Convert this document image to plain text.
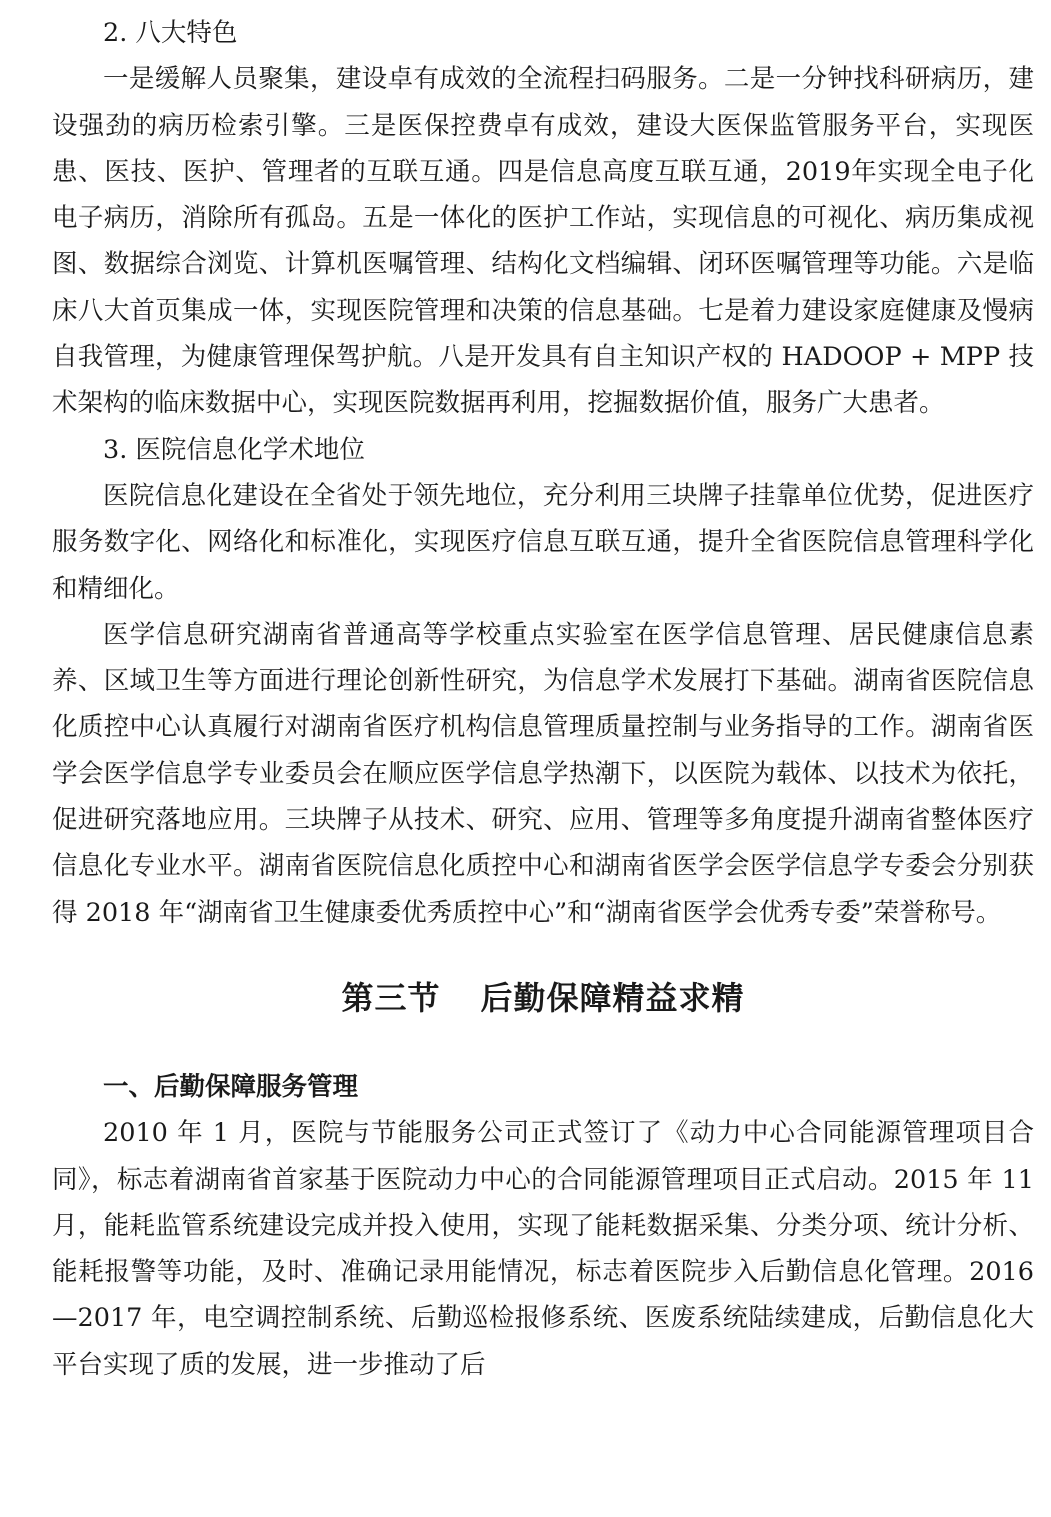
2. 八大特色

一是缓解人员聚集，建设卓有成效的全流程扫码服务。二是一分钟找科研病历，建设强劲的病历检索引擎。三是医保控费卓有成效，建设大医保监管服务平台，实现医患、医技、医护、管理者的互联互通。四是信息高度互联互通，2019年实现全电子化电子病历，消除所有孤岛。五是一体化的医护工作站，实现信息的可视化、病历集成视图、数据综合浏览、计算机医嘱管理、结构化文档编辑、闭环医嘱管理等功能。六是临床八大首页集成一体，实现医院管理和决策的信息基础。七是着力建设家庭健康及慢病自我管理，为健康管理保驾护航。八是开发具有自主知识产权的 HADOOP + MPP 技术架构的临床数据中心，实现医院数据再利用，挖掘数据价值，服务广大患者。

3. 医院信息化学术地位

医院信息化建设在全省处于领先地位，充分利用三块牌子挂靠单位优势，促进医疗服务数字化、网络化和标准化，实现医疗信息互联互通，提升全省医院信息管理科学化和精细化。

医学信息研究湖南省普通高等学校重点实验室在医学信息管理、居民健康信息素养、区域卫生等方面进行理论创新性研究，为信息学术发展打下基础。湖南省医院信息化质控中心认真履行对湖南省医疗机构信息管理质量控制与业务指导的工作。湖南省医学会医学信息学专业委员会在顺应医学信息学热潮下，以医院为载体、以技术为依托，促进研究落地应用。三块牌子从技术、研究、应用、管理等多角度提升湖南省整体医疗信息化专业水平。湖南省医院信息化质控中心和湖南省医学会医学信息学专委会分别获得 2018 年“湖南省卫生健康委优秀质控中心”和“湖南省医学会优秀专委”荣誉称号。

第三节 后勤保障精益求精

一、后勤保障服务管理

2010 年 1 月，医院与节能服务公司正式签订了《动力中心合同能源管理项目合同》，标志着湖南省首家基于医院动力中心的合同能源管理项目正式启动。2015 年 11 月，能耗监管系统建设完成并投入使用，实现了能耗数据采集、分类分项、统计分析、能耗报警等功能，及时、准确记录用能情况，标志着医院步入后勤信息化管理。2016—2017 年，电空调控制系统、后勤巡检报修系统、医废系统陆续建成，后勤信息化大平台实现了质的发展，进一步推动了后
